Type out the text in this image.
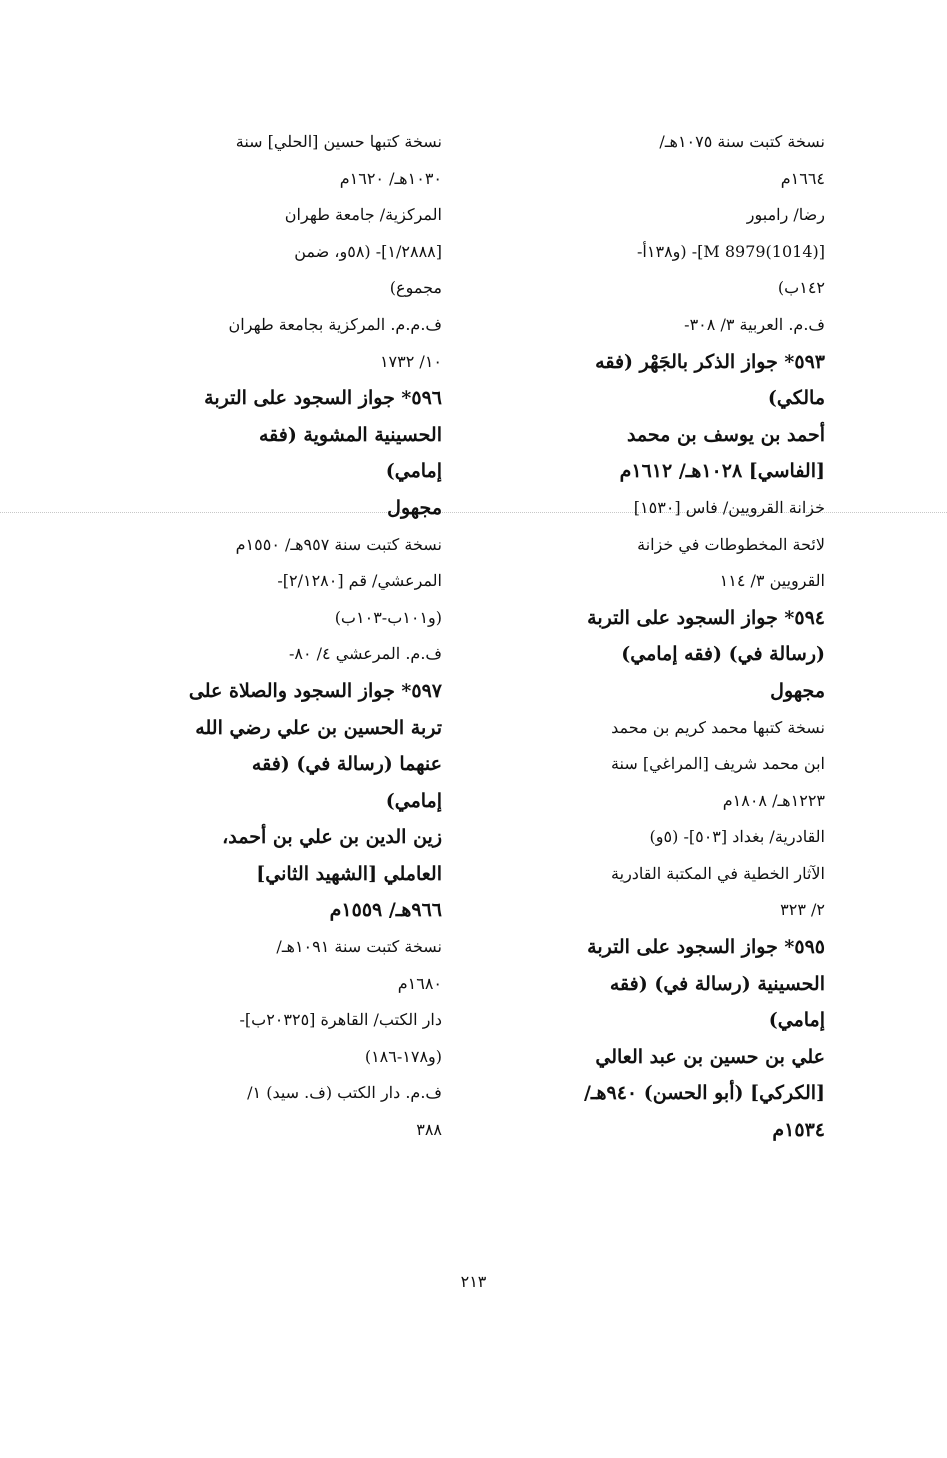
نسخة كتبت سنة ١٠٧٥هـ/
١٦٦٤م
رضا/ رامبور
[M 8979(1014)]- (و١٣٨أ-
١٤٢ب)
ف.م. العربية ٣/ ٣٠٨-
٥٩٣* جواز الذكر بالجَهْر (فقه
مالكي)
أحمد بن يوسف بن محمد
[الفاسي] ١٠٢٨هـ/ ١٦١٢م
خزانة القرويين/ فاس [١٥٣٠]
لائحة المخطوطات في خزانة
القرويين ٣/ ١١٤
٥٩٤* جواز السجود على التربة
(رسالة في) (فقه إمامي)
مجهول
نسخة كتبها محمد كريم بن محمد
ابن محمد شريف [المراغي] سنة
١٢٢٣هـ/ ١٨٠٨م
القادرية/ بغداد [٥٠٣]- (٥و)
الآثار الخطية في المكتبة القادرية
٢/ ٣٢٣
٥٩٥* جواز السجود على التربة
الحسينية (رسالة في) (فقه
إمامي)
علي بن حسين بن عبد العالي
[الكركي] (أبو الحسن) ٩٤٠هـ/
١٥٣٤م
نسخة كتبها حسين [الحلي] سنة
١٠٣٠هـ/ ١٦٢٠م
المركزية/ جامعة طهران
[١/٢٨٨٨]- (٥٨و، ضمن
مجموع)
ف.م.م. المركزية بجامعة طهران
١٠/ ١٧٣٢
٥٩٦* جواز السجود على التربة
الحسينية المشوية (فقه
إمامي)
مجهول
نسخة كتبت سنة ٩٥٧هـ/ ١٥٥٠م
المرعشي/ قم [٢/١٢٨٠]-
(و١٠١ب-١٠٣ب)
ف.م. المرعشي ٤/ ٨٠-
٥٩٧* جواز السجود والصلاة على
تربة الحسين بن علي رضي الله
عنهما (رسالة في) (فقه
إمامي)
زين الدين بن علي بن أحمد،
العاملي [الشهيد الثاني]
٩٦٦هـ/ ١٥٥٩م
نسخة كتبت سنة ١٠٩١هـ/
١٦٨٠م
دار الكتب/ القاهرة [٢٠٣٢٥ب]-
(و١٧٨-١٨٦)
ف.م. دار الكتب (ف. سيد) ١/
٣٨٨
٢١٣
